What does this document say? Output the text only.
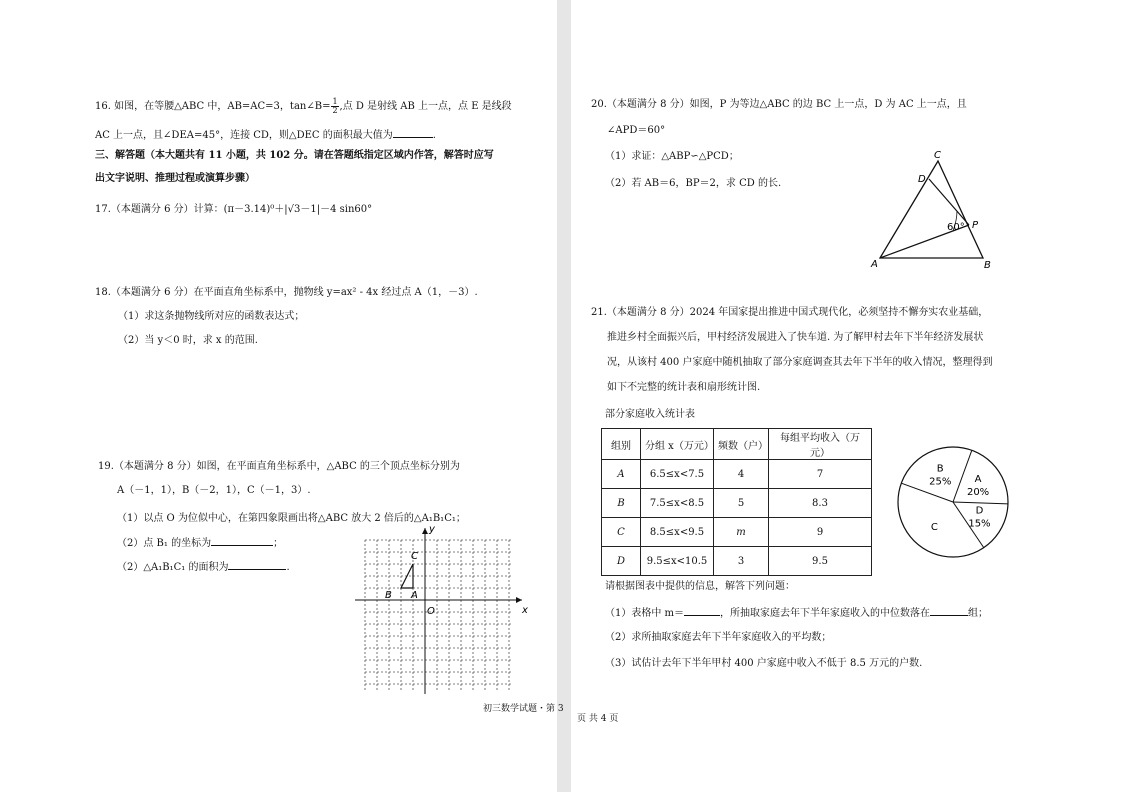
16. 如图，在等腰△ABC 中，AB=AC=3，tan∠B= $\frac{1}{2}$ ,点 D 是射线 AB 上一点，点 E 是线段
AC 上一点，且∠DEA=45°，连接 CD，则△DEC 的面积最大值为	.
三、解答题（本大题共有 11 小题，共 102 分。请在答题纸指定区域内作答，解答时应写
出文字说明、推理过程或演算步骤）
17.（本题满分 6 分）计算：(π－3.14)⁰＋|√3－1|－4 sin60°
18.（本题满分 6 分）在平面直角坐标系中，抛物线 y=ax² - 4x 经过点 A（1，－3）.
（1）求这条抛物线所对应的函数表达式；
（2）当 y＜0 时，求 x 的范围.
19.（本题满分 8 分）如图，在平面直角坐标系中，△ABC 的三个顶点坐标分别为
A（－1，1），B（－2，1），C（－1，3）.
（1）以点 O 为位似中心，在第四象限画出将△ABC 放大 2 倍后的△A₁B₁C₁；
（2）点 B₁ 的坐标为	；
（2）△A₁B₁C₁ 的面积为	.
y
x
O
A
B
C
初三数学试题・第 3
20.（本题满分 8 分）如图，P 为等边△ABC 的边 BC 上一点，D 为 AC 上一点，且
∠APD＝60°
（1）求证：△ABP∽△PCD；
（2）若 AB＝6，BP＝2，求 CD 的长.
C
D
P
A	B
60°
21.（本题满分 8 分）2024 年国家提出推进中国式现代化，必须坚持不懈夯实农业基础，
推进乡村全面振兴后，甲村经济发展进入了快车道. 为了解甲村去年下半年经济发展状
况，从该村 400 户家庭中随机抽取了部分家庭调查其去年下半年的收入情况，整理得到
如下不完整的统计表和扇形统计图.
部分家庭收入统计表
组别	分组 x（万元）	频数（户）	每组平均收入（万元）
A	6.5≤x<7.5	4	7
B	7.5≤x<8.5	5	8.3
C	8.5≤x<9.5	m	9
D	9.5≤x<10.5	3	9.5
A
20%
D
15%
C
B
25%
请根据图表中提供的信息，解答下列问题：
（1）表格中 m＝	，所抽取家庭去年下半年家庭收入的中位数落在	组；
（2）求所抽取家庭去年下半年家庭收入的平均数；
（3）试估计去年下半年甲村 400 户家庭中收入不低于 8.5 万元的户数.
页 共 4 页
